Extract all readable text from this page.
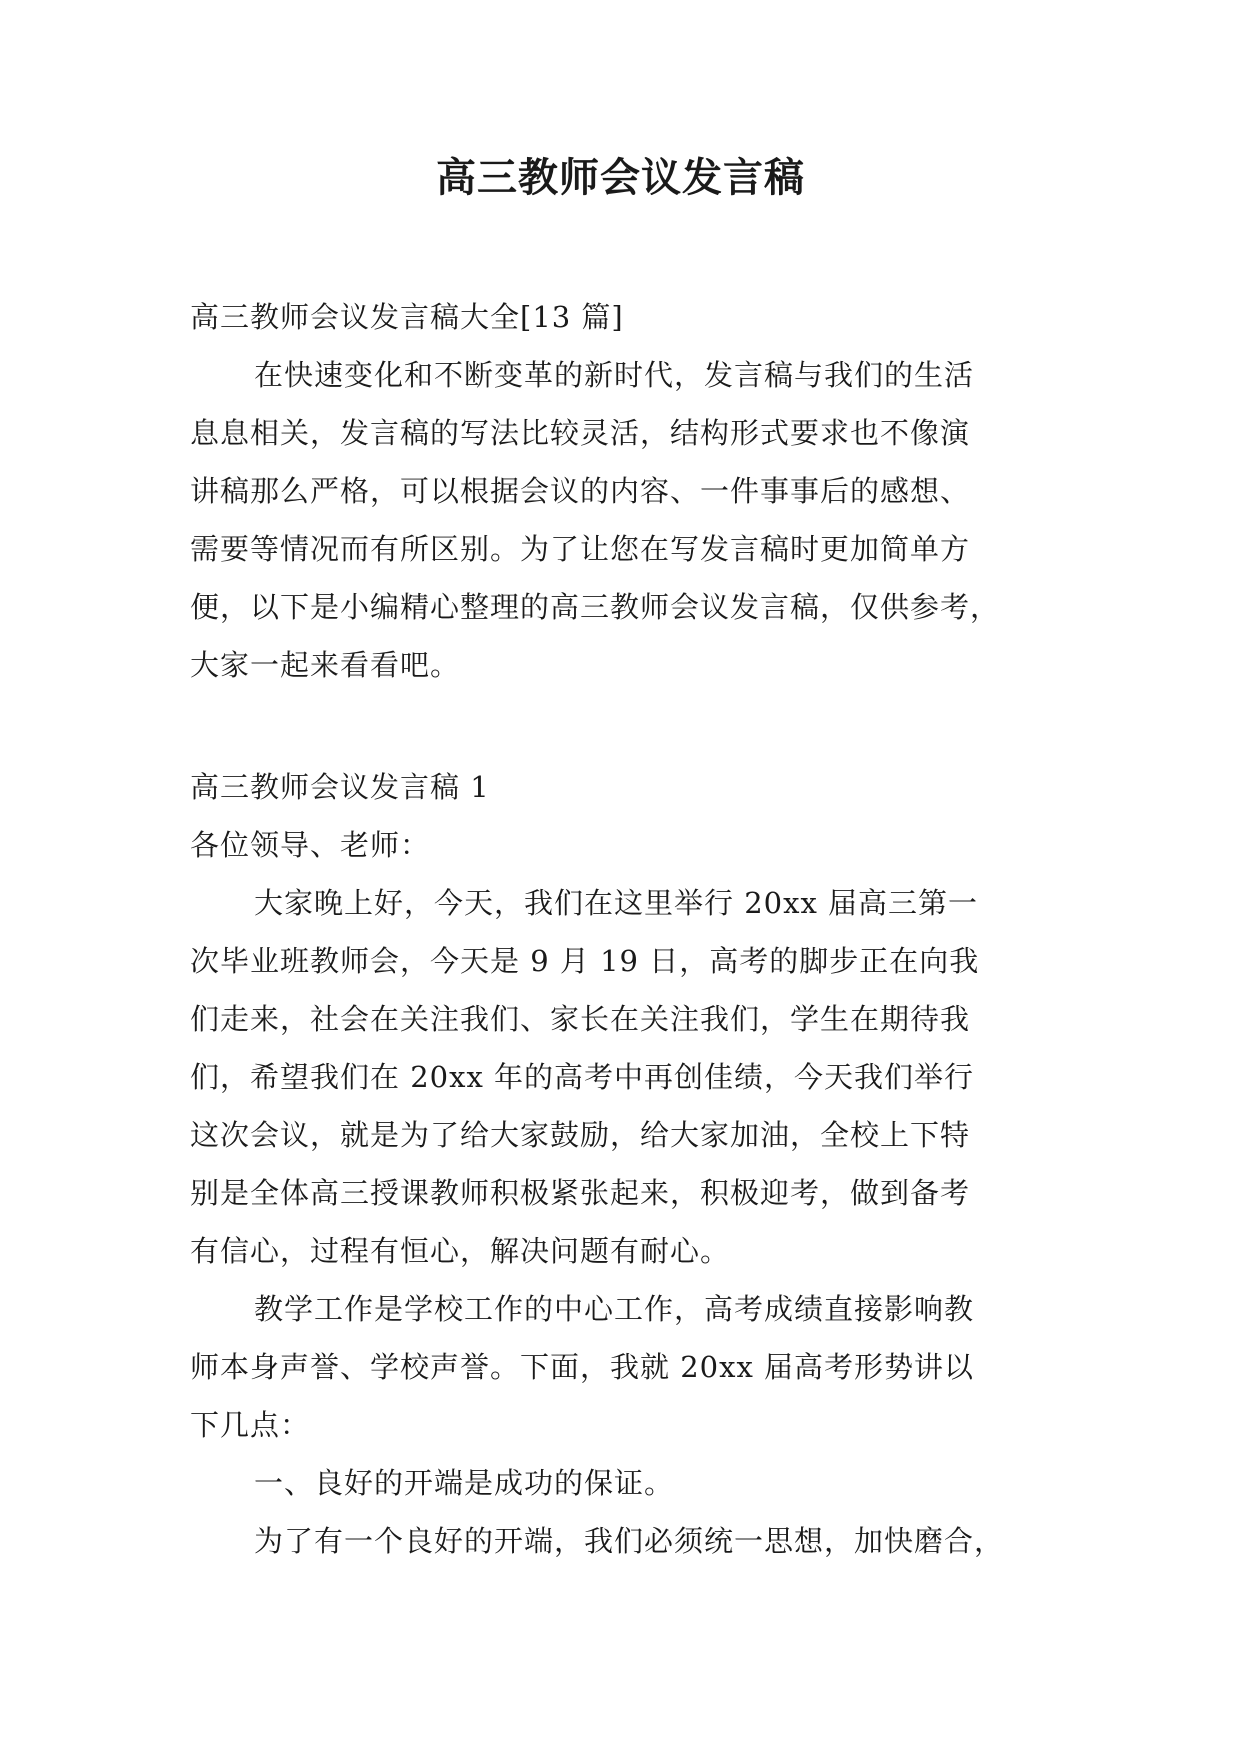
高三教师会议发言稿

高三教师会议发言稿大全[13 篇]

在快速变化和不断变革的新时代，发言稿与我们的生活

息息相关，发言稿的写法比较灵活，结构形式要求也不像演

讲稿那么严格，可以根据会议的内容、一件事事后的感想、

需要等情况而有所区别。为了让您在写发言稿时更加简单方

便，以下是小编精心整理的高三教师会议发言稿，仅供参考，

大家一起来看看吧。

高三教师会议发言稿 1

各位领导、老师：

大家晚上好，今天，我们在这里举行 20xx 届高三第一

次毕业班教师会，今天是 9 月 19 日，高考的脚步正在向我

们走来，社会在关注我们、家长在关注我们，学生在期待我

们，希望我们在 20xx 年的高考中再创佳绩，今天我们举行

这次会议，就是为了给大家鼓励，给大家加油，全校上下特

别是全体高三授课教师积极紧张起来，积极迎考，做到备考

有信心，过程有恒心，解决问题有耐心。

教学工作是学校工作的中心工作，高考成绩直接影响教

师本身声誉、学校声誉。下面，我就 20xx 届高考形势讲以

下几点：

一、良好的开端是成功的保证。

为了有一个良好的开端，我们必须统一思想，加快磨合，
